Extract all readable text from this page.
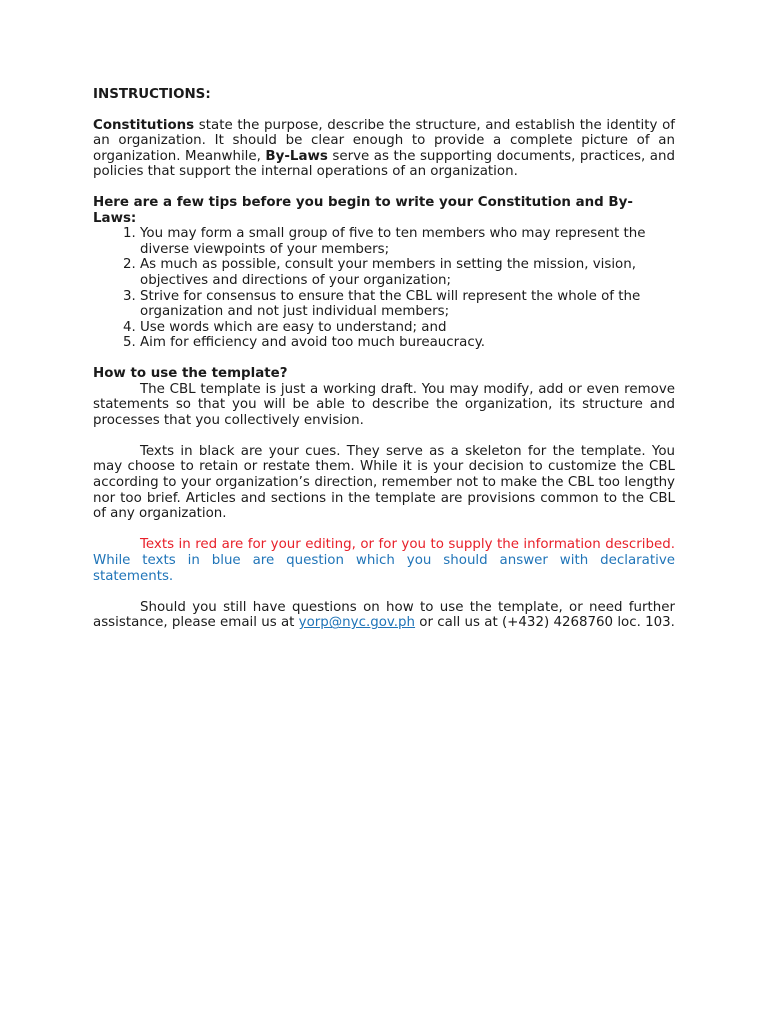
INSTRUCTIONS:

Constitutions state the purpose, describe the structure, and establish the identity of an organization. It should be clear enough to provide a complete picture of an organization. Meanwhile, By-Laws serve as the supporting documents, practices, and policies that support the internal operations of an organization.

Here are a few tips before you begin to write your Constitution and By-Laws:

1. You may form a small group of five to ten members who may represent the diverse viewpoints of your members;
2. As much as possible, consult your members in setting the mission, vision, objectives and directions of your organization;
3. Strive for consensus to ensure that the CBL will represent the whole of the organization and not just individual members;
4. Use words which are easy to understand; and
5. Aim for efficiency and avoid too much bureaucracy.

How to use the template?

The CBL template is just a working draft. You may modify, add or even remove statements so that you will be able to describe the organization, its structure and processes that you collectively envision.

Texts in black are your cues. They serve as a skeleton for the template. You may choose to retain or restate them. While it is your decision to customize the CBL according to your organization’s direction, remember not to make the CBL too lengthy nor too brief. Articles and sections in the template are provisions common to the CBL of any organization.

Texts in red are for your editing, or for you to supply the information described. While texts in blue are question which you should answer with declarative statements.

Should you still have questions on how to use the template, or need further assistance, please email us at yorp@nyc.gov.ph or call us at (+432) 4268760 loc. 103.
